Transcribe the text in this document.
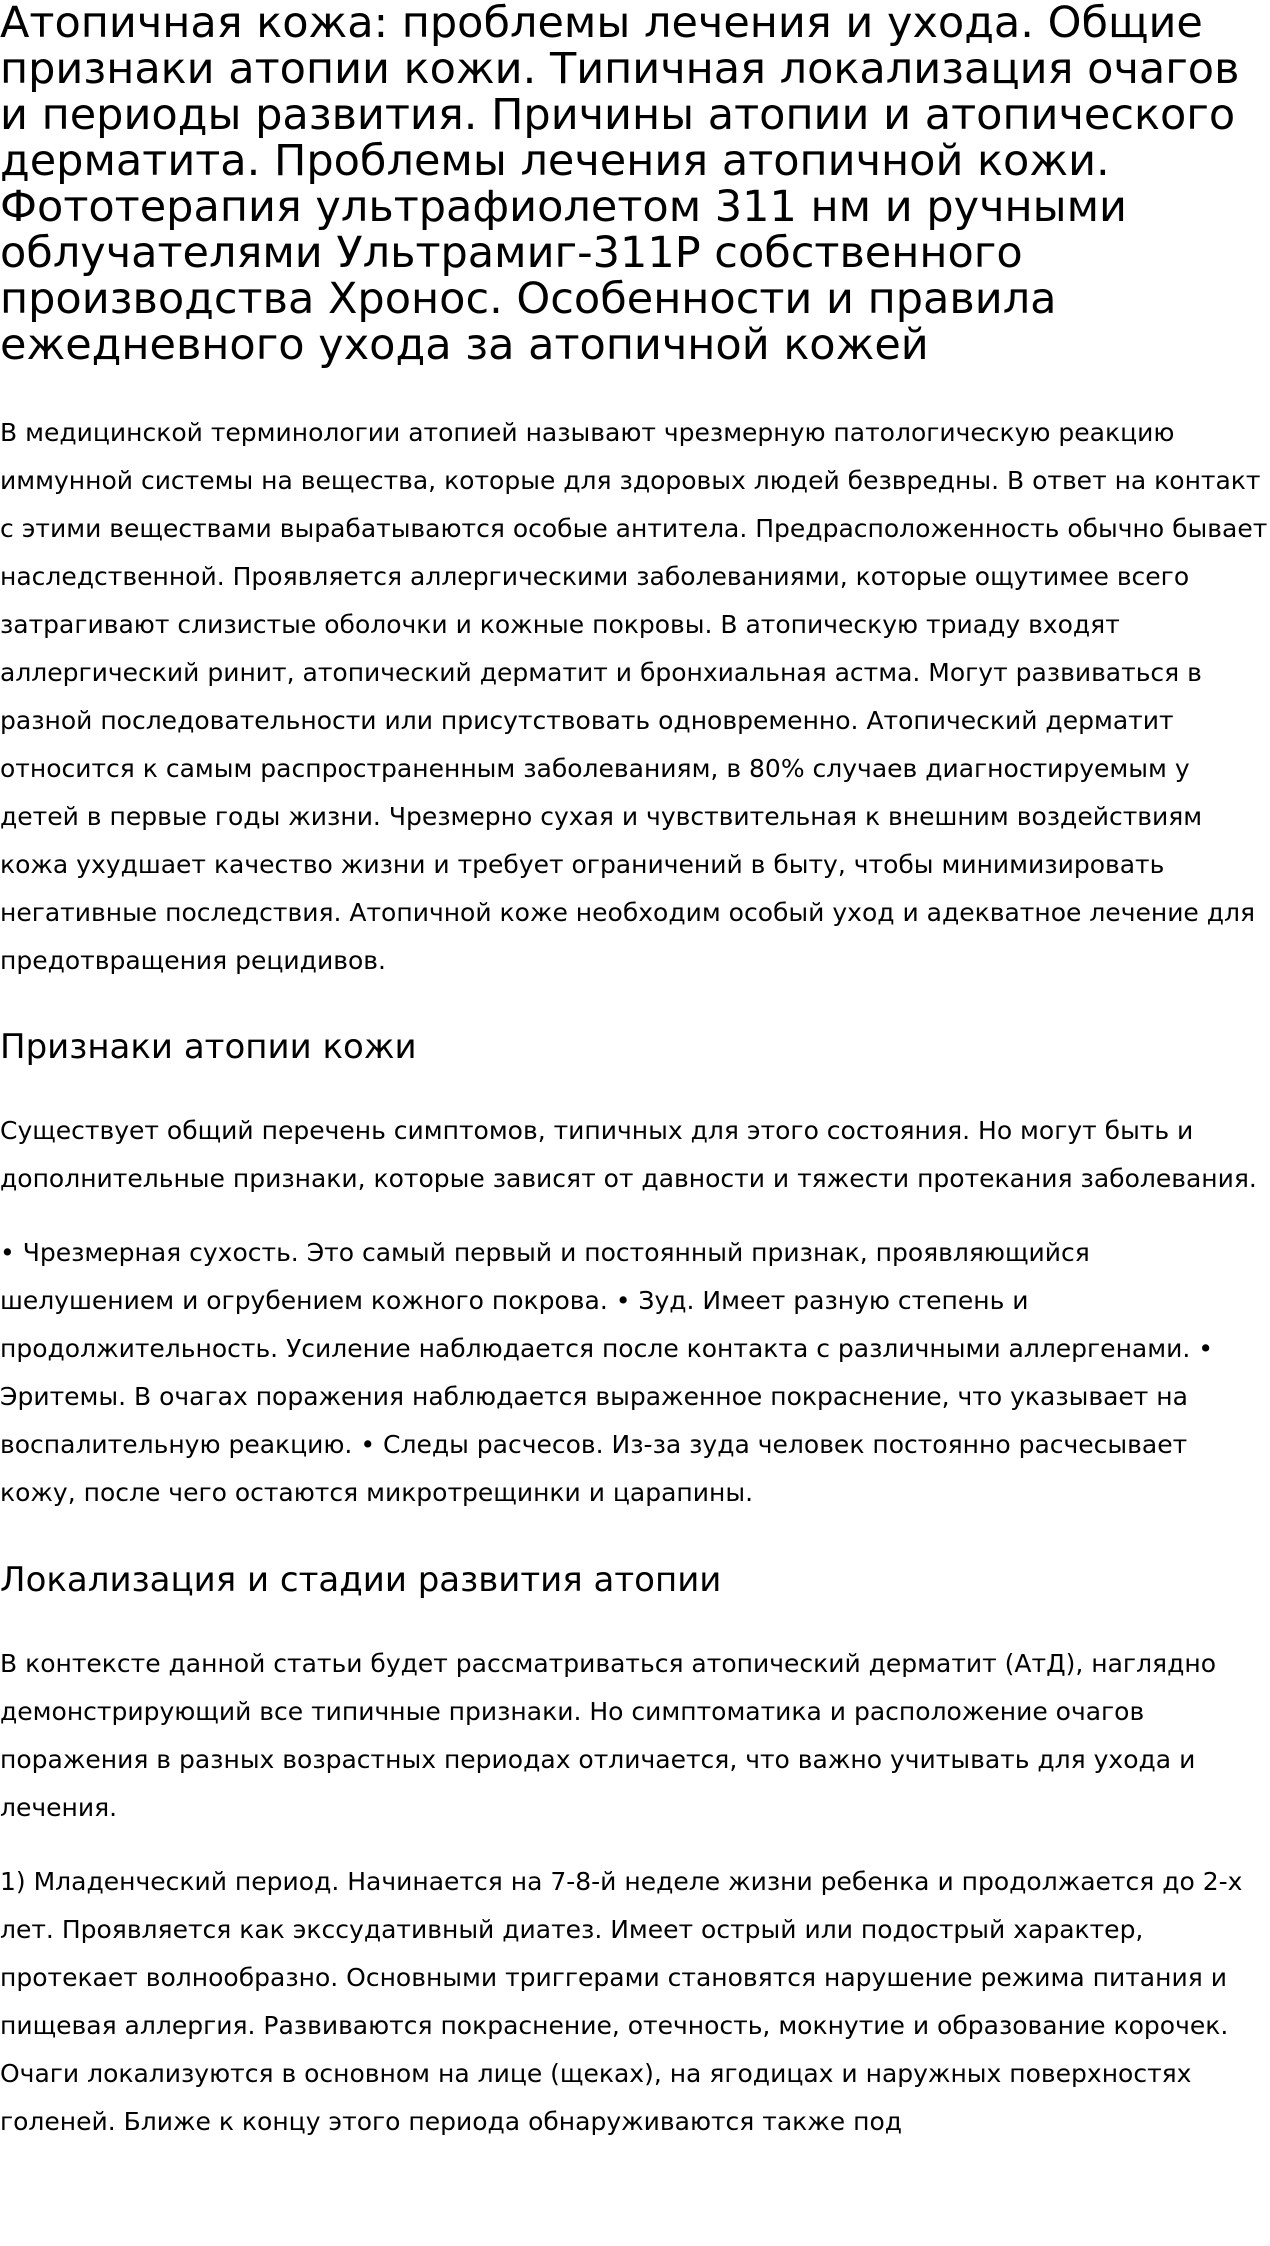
Атопичная кожа: проблемы лечения и ухода. Общие признаки атопии кожи. Типичная локализация очагов и периоды развития. Причины атопии и атопического дерматита. Проблемы лечения атопичной кожи. Фототерапия ультрафиолетом 311 нм и ручными облучателями Ультрамиг-311Р собственного производства Хронос. Особенности и правила ежедневного ухода за атопичной кожей

В медицинской терминологии атопией называют чрезмерную патологическую реакцию иммунной системы на вещества, которые для здоровых людей безвредны. В ответ на контакт с этими веществами вырабатываются особые антитела. Предрасположенность обычно бывает наследственной. Проявляется аллергическими заболеваниями, которые ощутимее всего затрагивают слизистые оболочки и кожные покровы. В атопическую триаду входят аллергический ринит, атопический дерматит и бронхиальная астма. Могут развиваться в разной последовательности или присутствовать одновременно. Атопический дерматит относится к самым распространенным заболеваниям, в 80% случаев диагностируемым у детей в первые годы жизни. Чрезмерно сухая и чувствительная к внешним воздействиям кожа ухудшает качество жизни и требует ограничений в быту, чтобы минимизировать негативные последствия. Атопичной коже необходим особый уход и адекватное лечение для предотвращения рецидивов.

Признаки атопии кожи

Существует общий перечень симптомов, типичных для этого состояния. Но могут быть и дополнительные признаки, которые зависят от давности и тяжести протекания заболевания.

• Чрезмерная сухость. Это самый первый и постоянный признак, проявляющийся шелушением и огрубением кожного покрова. • Зуд. Имеет разную степень и продолжительность. Усиление наблюдается после контакта с различными аллергенами. • Эритемы. В очагах поражения наблюдается выраженное покраснение, что указывает на воспалительную реакцию. • Следы расчесов. Из-за зуда человек постоянно расчесывает кожу, после чего остаются микротрещинки и царапины.

Локализация и стадии развития атопии

В контексте данной статьи будет рассматриваться атопический дерматит (АтД), наглядно демонстрирующий все типичные признаки. Но симптоматика и расположение очагов поражения в разных возрастных периодах отличается, что важно учитывать для ухода и лечения.

1) Младенческий период. Начинается на 7-8-й неделе жизни ребенка и продолжается до 2-х лет. Проявляется как экссудативный диатез. Имеет острый или подострый характер, протекает волнообразно. Основными триггерами становятся нарушение режима питания и пищевая аллергия. Развиваются покраснение, отечность, мокнутие и образование корочек. Очаги локализуются в основном на лице (щеках), на ягодицах и наружных поверхностях голеней. Ближе к концу этого периода обнаруживаются также под
